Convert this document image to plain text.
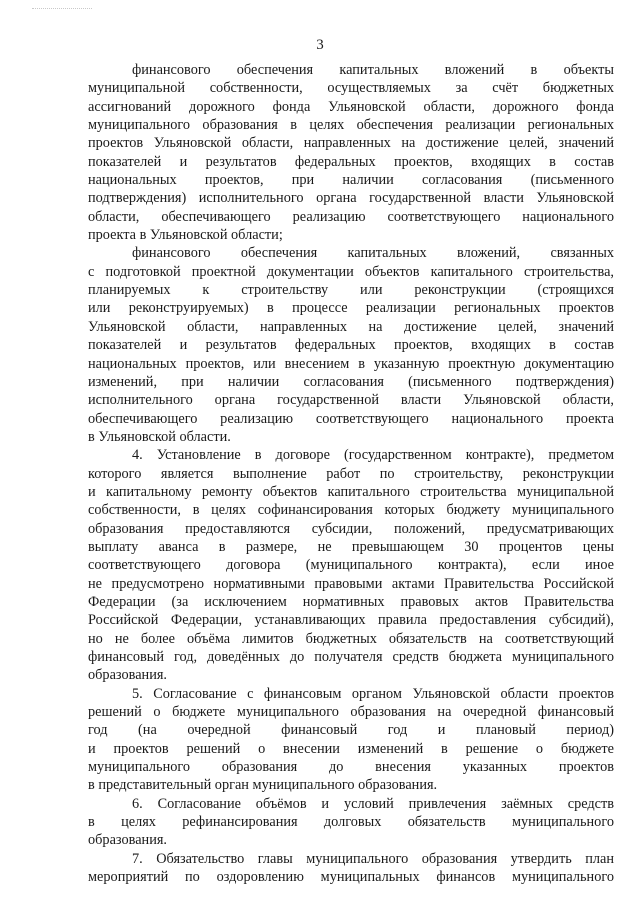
3
финансового обеспечения капитальных вложений в объекты
муниципальной собственности, осуществляемых за счёт бюджетных
ассигнований дорожного фонда Ульяновской области, дорожного фонда
муниципального образования в целях обеспечения реализации региональных
проектов Ульяновской области, направленных на достижение целей, значений
показателей и результатов федеральных проектов, входящих в состав
национальных проектов, при наличии согласования (письменного
подтверждения) исполнительного органа государственной власти Ульяновской
области, обеспечивающего реализацию соответствующего национального
проекта в Ульяновской области;
финансового обеспечения капитальных вложений, связанных
с подготовкой проектной документации объектов капитального строительства,
планируемых к строительству или реконструкции (строящихся
или реконструируемых) в процессе реализации региональных проектов
Ульяновской области, направленных на достижение целей, значений
показателей и результатов федеральных проектов, входящих в состав
национальных проектов, или внесением в указанную проектную документацию
изменений, при наличии согласования (письменного подтверждения)
исполнительного органа государственной власти Ульяновской области,
обеспечивающего реализацию соответствующего национального проекта
в Ульяновской области.
4. Установление в договоре (государственном контракте), предметом
которого является выполнение работ по строительству, реконструкции
и капитальному ремонту объектов капитального строительства муниципальной
собственности, в целях софинансирования которых бюджету муниципального
образования предоставляются субсидии, положений, предусматривающих
выплату аванса в размере, не превышающем 30 процентов цены
соответствующего договора (муниципального контракта), если иное
не предусмотрено нормативными правовыми актами Правительства Российской
Федерации (за исключением нормативных правовых актов Правительства
Российской Федерации, устанавливающих правила предоставления субсидий),
но не более объёма лимитов бюджетных обязательств на соответствующий
финансовый год, доведённых до получателя средств бюджета муниципального
образования.
5. Согласование с финансовым органом Ульяновской области проектов
решений о бюджете муниципального образования на очередной финансовый
год (на очередной финансовый год и плановый период)
и проектов решений о внесении изменений в решение о бюджете
муниципального образования до внесения указанных проектов
в представительный орган муниципального образования.
6. Согласование объёмов и условий привлечения заёмных средств
в целях рефинансирования долговых обязательств муниципального
образования.
7. Обязательство главы муниципального образования утвердить план
мероприятий по оздоровлению муниципальных финансов муниципального
